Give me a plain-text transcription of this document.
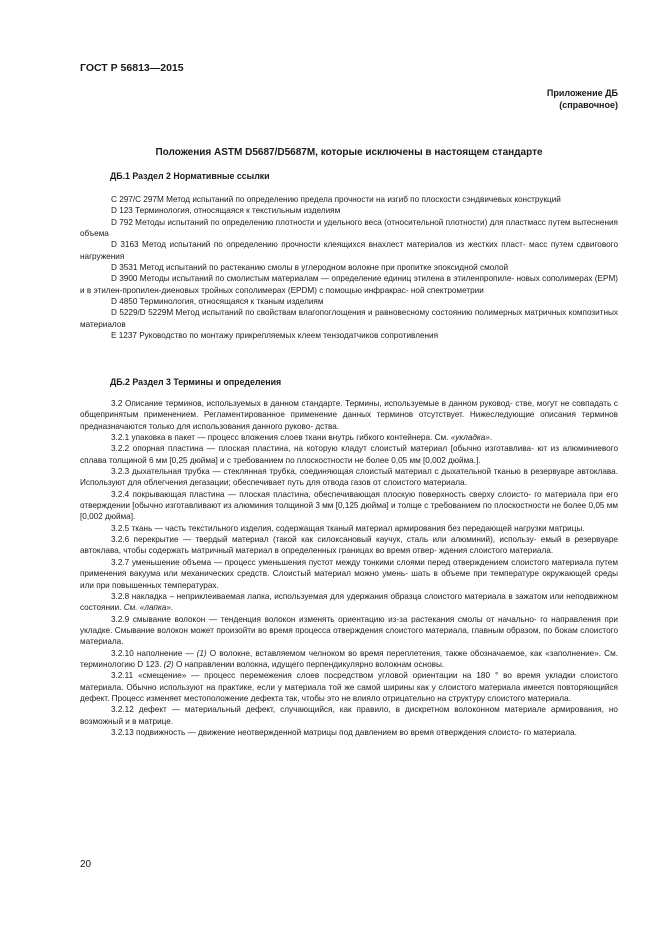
ГОСТ Р 56813—2015
Приложение ДБ
(справочное)
Положения ASTM D5687/D5687M, которые исключены в настоящем стандарте
ДБ.1 Раздел 2 Нормативные ссылки

C 297/C 297M Метод испытаний по определению предела прочности на изгиб по плоскости сэндвичевых конструкций

D 123 Терминология, относящаяся к текстильным изделиям

D 792 Методы испытаний по определению плотности и удельного веса (относительной плотности) для пластмасс путем вытеснения объема

D 3163 Метод испытаний по определению прочности клеящихся внахлест материалов из жестких пласт- масс путем сдвигового нагружения

D 3531 Метод испытаний по растеканию смолы в углеродном волокне при пропитке эпоксидной смолой

D 3900 Методы испытаний по смолистым материалам — определение единиц этилена в этиленпропиле- новых сополимерах (EPM) и в этилен-пропилен-диеновых тройных сополимерах (EPDM) с помощью инфракрас- ной спектрометрии

D 4850 Терминология, относящаяся к тканым изделиям

D 5229/D 5229M Метод испытаний по свойствам влагопоглощения и равновесному состоянию полимерных матричных композитных материалов

E 1237 Руководство по монтажу прикрепляемых клеем тензодатчиков сопротивления

ДБ.2 Раздел 3 Термины и определения

3.2 Описание терминов, используемых в данном стандарте. Термины, используемые в данном руковод- стве, могут не совпадать с общепринятым применением. Регламентированное применение данных терминов отсутствует. Нижеследующие описания терминов предназначаются только для использования данного руково- дства.

3.2.1 упаковка в пакет — процесс вложения слоев ткани внутрь гибкого контейнера. См. «укладка».

3.2.2 опорная пластина — плоская пластина, на которую кладут слоистый материал [обычно изготавлива- ют из алюминиевого сплава толщиной 6 мм [0,25 дюйма] и с требованием по плоскостности не более 0,05 мм [0,002 дюйма.].

3.2.3 дыхательная трубка — стеклянная трубка, соединяющая слоистый материал с дыхательной тканью в резервуаре автоклава. Используют для облегчения дегазации; обеспечивает путь для отвода газов от слоистого материала.

3.2.4 покрывающая пластина — плоская пластина, обеспечивающая плоскую поверхность сверху слоисто- го материала при его отверждении [обычно изготавливают из алюминия толщиной 3 мм [0,125 дюйма] и толще с требованием по плоскостности не более 0,05 мм [0,002 дюйма].

3.2.5 ткань — часть текстильного изделия, содержащая тканый материал армирования без передающей нагрузки матрицы.

3.2.6 перекрытие — твердый материал (такой как силоксановый каучук, сталь или алюминий), использу- емый в резервуаре автоклава, чтобы содержать матричный материал в определенных границах во время отвер- ждения слоистого материала.

3.2.7 уменьшение объема — процесс уменьшения пустот между тонкими слоями перед отверждением слоистого материала путем применения вакуума или механических средств. Слоистый материал можно умень- шать в объеме при температуре окружающей среды или при повышенных температурах.

3.2.8 накладка – неприклеиваемая лапка, используемая для удержания образца слоистого материала в зажатом или неподвижном состоянии. См. «лапка».

3.2.9 смывание волокон — тенденция волокон изменять ориентацию из-за растекания смолы от начально- го направления при укладке. Смывание волокон может произойти во время процесса отверждения слоистого материала, главным образом, по бокам слоистого материала.

3.2.10 наполнение — (1) О волокне, вставляемом челноком во время переплетения, также обозначаемое, как «заполнение». См. терминологию D 123. (2) О направлении волокна, идущего перпендикулярно волокнам основы.

3.2.11 «смещение» — процесс перемежения слоев посредством угловой ориентации на 180 ° во время укладки слоистого материала. Обычно используют на практике, если у материала той же самой ширины как у слоистого материала имеется повторяющийся дефект. Процесс изменяет местоположение дефекта так, чтобы это не влияло отрицательно на структуру слоистого материала.

3.2.12 дефект — материальный дефект, случающийся, как правило, в дискретном волоконном материале армирования, но возможный и в матрице.

3.2.13 подвижность — движение неотвержденной матрицы под давлением во время отверждения слоисто- го материала.

20
